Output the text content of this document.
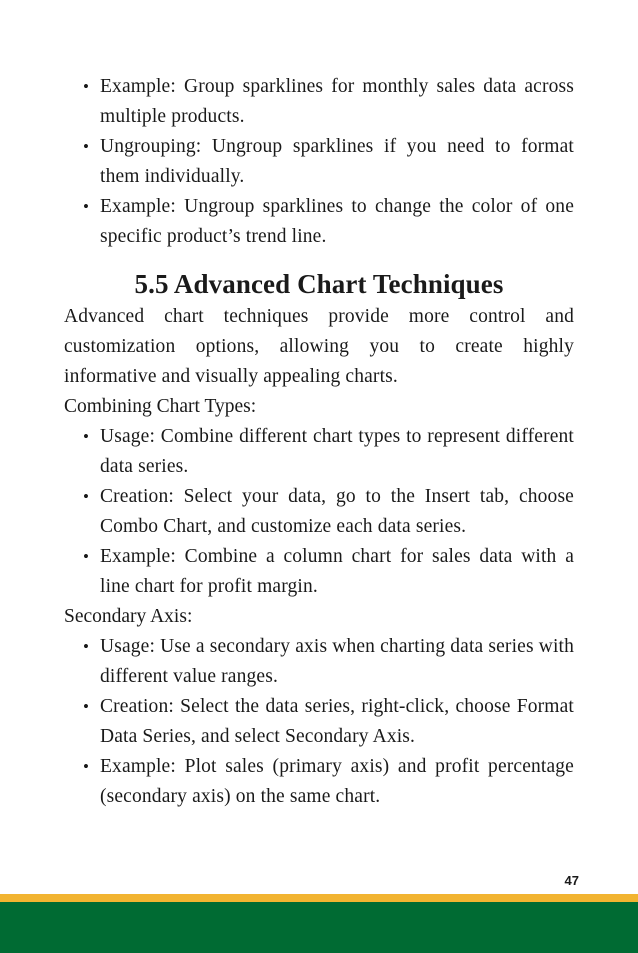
• Example: Group sparklines for monthly sales data across multiple products.
• Ungrouping: Ungroup sparklines if you need to format them individually.
• Example: Ungroup sparklines to change the color of one specific product’s trend line.
5.5 Advanced Chart Techniques

Advanced chart techniques provide more control and customization options, allowing you to create highly informative and visually appealing charts.

Combining Chart Types:

• Usage: Combine different chart types to represent different data series.
• Creation: Select your data, go to the Insert tab, choose Combo Chart, and customize each data series.
• Example: Combine a column chart for sales data with a line chart for profit margin.

Secondary Axis:

• Usage: Use a secondary axis when charting data series with different value ranges.
• Creation: Select the data series, right-click, choose Format Data Series, and select Secondary Axis.
• Example: Plot sales (primary axis) and profit percentage (secondary axis) on the same chart.
47
